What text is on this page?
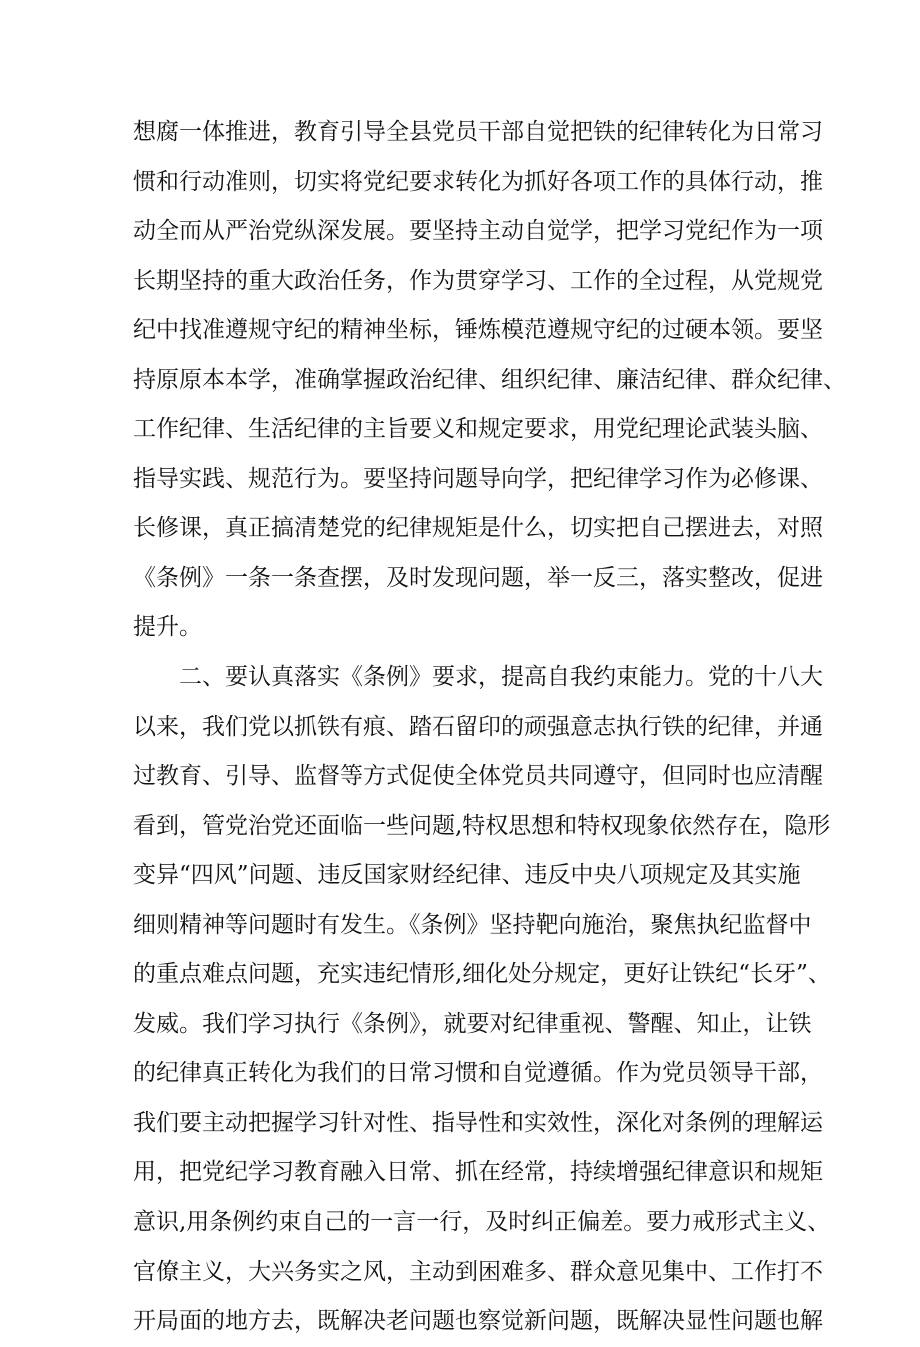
想腐一体推进，教育引导全县党员干部自觉把铁的纪律转化为日常习
惯和行动准则，切实将党纪要求转化为抓好各项工作的具体行动，推
动全而从严治党纵深发展。要坚持主动自觉学，把学习党纪作为一项
长期坚持的重大政治任务，作为贯穿学习、工作的全过程，从党规党
纪中找准遵规守纪的精神坐标，锤炼模范遵规守纪的过硬本领。要坚
持原原本本学，准确掌握政治纪律、组织纪律、廉洁纪律、群众纪律、
工作纪律、生活纪律的主旨要义和规定要求，用党纪理论武装头脑、
指导实践、规范行为。要坚持问题导向学，把纪律学习作为必修课、
长修课，真正搞清楚党的纪律规矩是什么，切实把自己摆进去，对照
《条例》一条一条查摆，及时发现问题，举一反三，落实整改，促进
提升。
二、要认真落实《条例》要求，提高自我约束能力。党的十八大
以来，我们党以抓铁有痕、踏石留印的顽强意志执行铁的纪律，并通
过教育、引导、监督等方式促使全体党员共同遵守，但同时也应清醒
看到，管党治党还面临一些问题,特权思想和特权现象依然存在，隐形
变异“四风”问题、违反国家财经纪律、违反中央八项规定及其实施
细则精神等问题时有发生。《条例》坚持靶向施治，聚焦执纪监督中
的重点难点问题，充实违纪情形,细化处分规定，更好让铁纪“长牙”、
发威。我们学习执行《条例》，就要对纪律重视、警醒、知止，让铁
的纪律真正转化为我们的日常习惯和自觉遵循。作为党员领导干部，
我们要主动把握学习针对性、指导性和实效性，深化对条例的理解运
用，把党纪学习教育融入日常、抓在经常，持续增强纪律意识和规矩
意识,用条例约束自己的一言一行，及时纠正偏差。要力戒形式主义、
官僚主义，大兴务实之风，主动到困难多、群众意见集中、工作打不
开局面的地方去，既解决老问题也察觉新问题，既解决显性问题也解
